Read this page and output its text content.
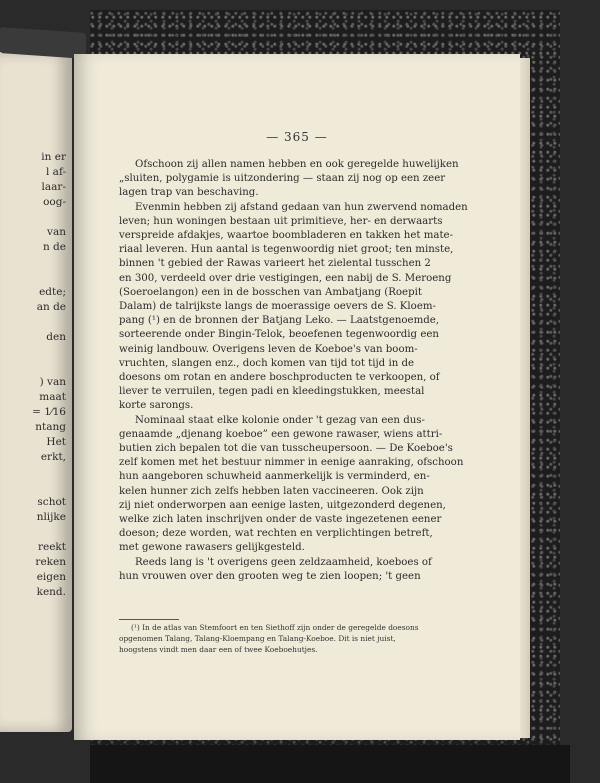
in er
l af-
laar-
oog-

van
n de

edte;
an de

den

) van
maat
= 1⁄16
ntang
Het
erkt,

schot
nlijke

reekt
reken
eigen
kend.
— 365 —
Ofschoon zij allen namen hebben en ook geregelde huwelijken
„sluiten, polygamie is uitzondering — staan zij nog op een zeer
lagen trap van beschaving.
Evenmin hebben zij afstand gedaan van hun zwervend nomaden
leven; hun woningen bestaan uit primitieve, her- en derwaarts
verspreide afdakjes, waartoe boombladeren en takken het mate-
riaal leveren. Hun aantal is tegenwoordig niet groot; ten minste,
binnen 't gebied der Rawas varieert het zielental tusschen 2
en 300, verdeeld over drie vestigingen, een nabij de S. Meroeng
(Soeroelangon) een in de bosschen van Ambatjang (Roepit
Dalam) de talrijkste langs de moerassige oevers de S. Kloem-
pang (¹) en de bronnen der Batjang Leko. — Laatstgenoemde,
sorteerende onder Bingin-Telok, beoefenen tegenwoordig een
weinig landbouw. Overigens leven de Koeboe's van boom-
vruchten, slangen enz., doch komen van tijd tot tijd in de
doesons om rotan en andere boschproducten te verkoopen, of
liever te verruilen, tegen padi en kleedingstukken, meestal
korte sarongs.
Nominaal staat elke kolonie onder 't gezag van een dus-
genaamde „djenang koeboe” een gewone rawaser, wiens attri-
butien zich bepalen tot die van tusscheupersoon. — De Koeboe's
zelf komen met het bestuur nimmer in eenige aanraking, ofschoon
hun aangeboren schuwheid aanmerkelijk is verminderd, en-
kelen hunner zich zelfs hebben laten vaccineeren. Ook zijn
zij niet onderworpen aan eenige lasten, uitgezonderd degenen,
welke zich laten inschrijven onder de vaste ingezetenen eener
doeson; deze worden, wat rechten en verplichtingen betreft,
met gewone rawasers gelijkgesteld.
Reeds lang is 't overigens geen zeldzaamheid, koeboes of
hun vrouwen over den grooten weg te zien loopen; 't geen
(¹) In de atlas van Stemfoort en ten Siethoff zijn onder de geregelde doesons
opgenomen Talang, Talang-Kloempang en Talang-Koeboe. Dit is niet juist,
hoogstens vindt men daar een of twee Koeboehutjes.
